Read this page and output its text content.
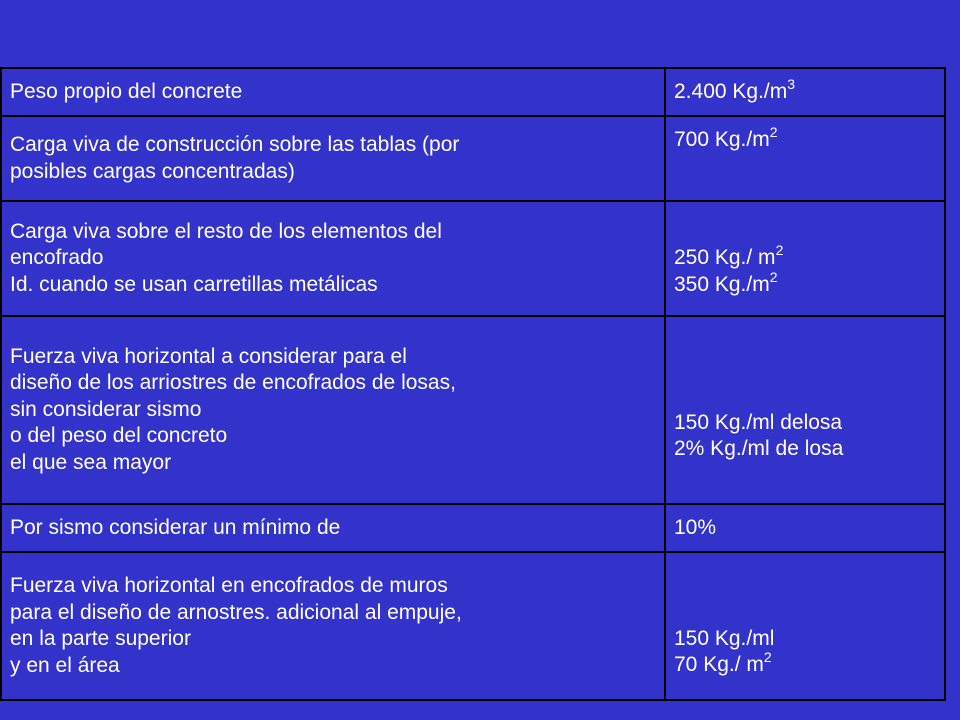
Peso propio del concrete	2.400 $Kg./m^3$

Carga viva de construcción sobre las tablas (por
posibles cargas concentradas)	700 $Kg./m^2$

Carga viva sobre el resto de los elementos del
encofrado
Id. cuando se usan carretillas metálicas	250 Kg./ $m^2$
350 $Kg./m^2$

Fuerza viva horizontal a considerar para el
diseño de los arriostres de encofrados de losas,
sin considerar sismo
o del peso del concreto
el que sea mayor	150 Kg./ml delosa
2% Kg./ml de losa

Por sismo considerar un mínimo de	10%

Fuerza viva horizontal en encofrados de muros
para el diseño de arnostres. adicional al empuje,
en la parte superior
y en el área	150 Kg./ml
70 Kg./ $m^2$
